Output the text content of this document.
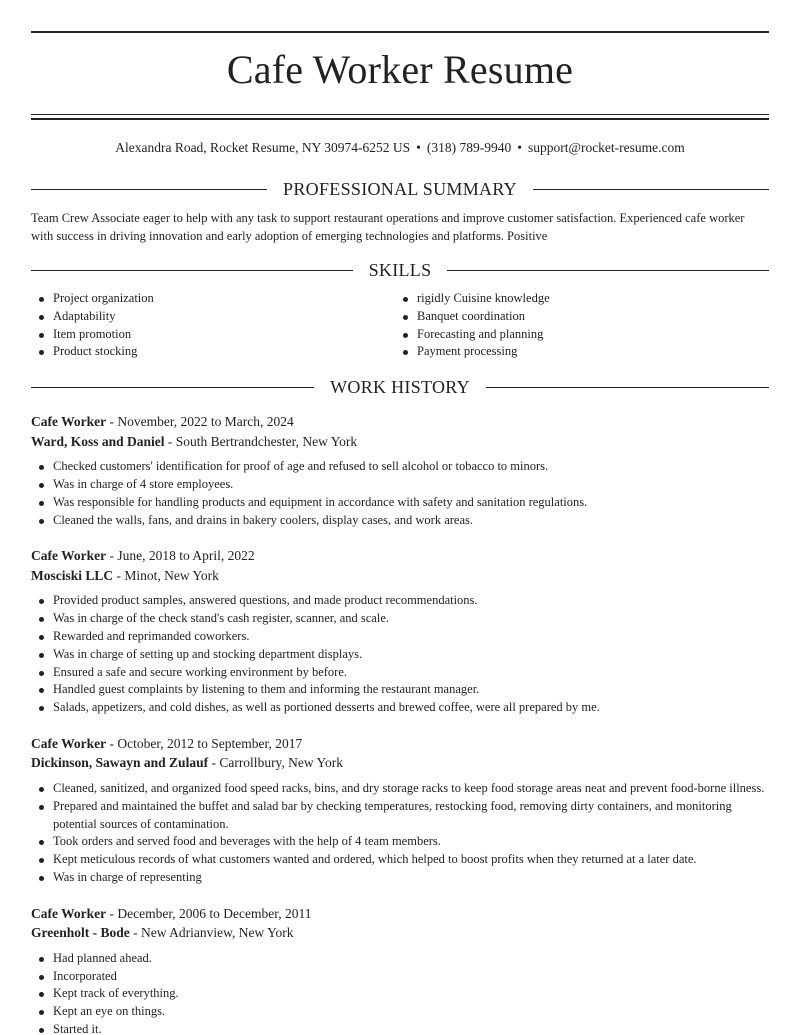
Cafe Worker Resume
Alexandra Road, Rocket Resume, NY 30974-6252 US • (318) 789-9940 • support@rocket-resume.com
PROFESSIONAL SUMMARY

Team Crew Associate eager to help with any task to support restaurant operations and improve customer satisfaction. Experienced cafe worker with success in driving innovation and early adoption of emerging technologies and platforms. Positive

SKILLS
Project organization
Adaptability
Item promotion
Product stocking
rigidly Cuisine knowledge
Banquet coordination
Forecasting and planning
Payment processing
WORK HISTORY
Cafe Worker - November, 2022 to March, 2024
Ward, Koss and Daniel - South Bertrandchester, New York
Checked customers' identification for proof of age and refused to sell alcohol or tobacco to minors.
Was in charge of 4 store employees.
Was responsible for handling products and equipment in accordance with safety and sanitation regulations.
Cleaned the walls, fans, and drains in bakery coolers, display cases, and work areas.
Cafe Worker - June, 2018 to April, 2022
Mosciski LLC - Minot, New York
Provided product samples, answered questions, and made product recommendations.
Was in charge of the check stand's cash register, scanner, and scale.
Rewarded and reprimanded coworkers.
Was in charge of setting up and stocking department displays.
Ensured a safe and secure working environment by before.
Handled guest complaints by listening to them and informing the restaurant manager.
Salads, appetizers, and cold dishes, as well as portioned desserts and brewed coffee, were all prepared by me.
Cafe Worker - October, 2012 to September, 2017
Dickinson, Sawayn and Zulauf - Carrollbury, New York
Cleaned, sanitized, and organized food speed racks, bins, and dry storage racks to keep food storage areas neat and prevent food-borne illness.
Prepared and maintained the buffet and salad bar by checking temperatures, restocking food, removing dirty containers, and monitoring potential sources of contamination.
Took orders and served food and beverages with the help of 4 team members.
Kept meticulous records of what customers wanted and ordered, which helped to boost profits when they returned at a later date.
Was in charge of representing
Cafe Worker - December, 2006 to December, 2011
Greenholt - Bode - New Adrianview, New York
Had planned ahead.
Incorporated
Kept track of everything.
Kept an eye on things.
Started it.
